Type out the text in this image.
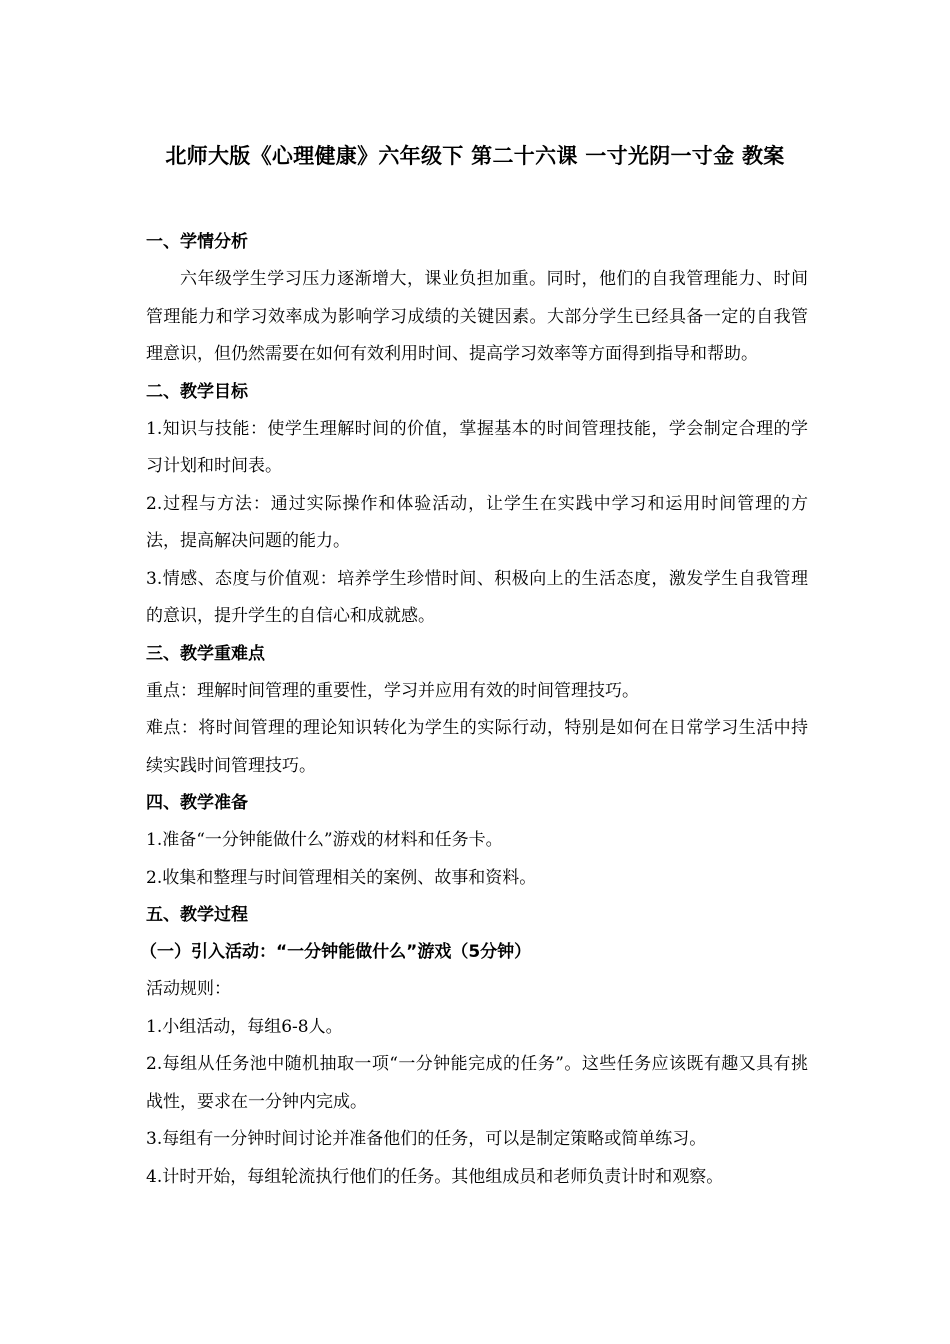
北师大版《心理健康》六年级下 第二十六课 一寸光阴一寸金 教案
一、学情分析
六年级学生学习压力逐渐增大，课业负担加重。同时，他们的自我管理能力、时间管理能力和学习效率成为影响学习成绩的关键因素。大部分学生已经具备一定的自我管理意识，但仍然需要在如何有效利用时间、提高学习效率等方面得到指导和帮助。
二、教学目标
1.知识与技能：使学生理解时间的价值，掌握基本的时间管理技能，学会制定合理的学习计划和时间表。
2.过程与方法：通过实际操作和体验活动，让学生在实践中学习和运用时间管理的方法，提高解决问题的能力。
3.情感、态度与价值观：培养学生珍惜时间、积极向上的生活态度，激发学生自我管理的意识，提升学生的自信心和成就感。
三、教学重难点
重点：理解时间管理的重要性，学习并应用有效的时间管理技巧。
难点：将时间管理的理论知识转化为学生的实际行动，特别是如何在日常学习生活中持续实践时间管理技巧。
四、教学准备
1.准备“一分钟能做什么”游戏的材料和任务卡。
2.收集和整理与时间管理相关的案例、故事和资料。
五、教学过程
（一）引入活动：“一分钟能做什么”游戏（5分钟）
活动规则：
1.小组活动，每组6-8人。
2.每组从任务池中随机抽取一项“一分钟能完成的任务”。这些任务应该既有趣又具有挑战性，要求在一分钟内完成。
3.每组有一分钟时间讨论并准备他们的任务，可以是制定策略或简单练习。
4.计时开始，每组轮流执行他们的任务。其他组成员和老师负责计时和观察。
